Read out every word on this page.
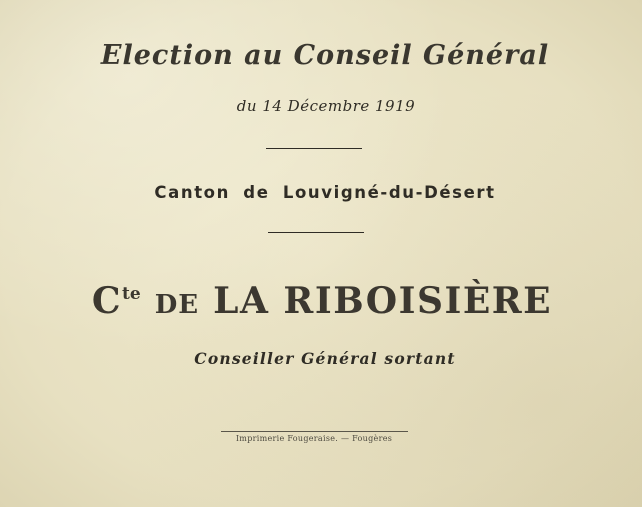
Election au Conseil Général
du 14 Décembre 1919
Canton de Louvigné-du-Désert
$C^{te}$ DE LA RIBOISIÈRE
Conseiller Général sortant
Imprimerie Fougeraise. — Fougères
